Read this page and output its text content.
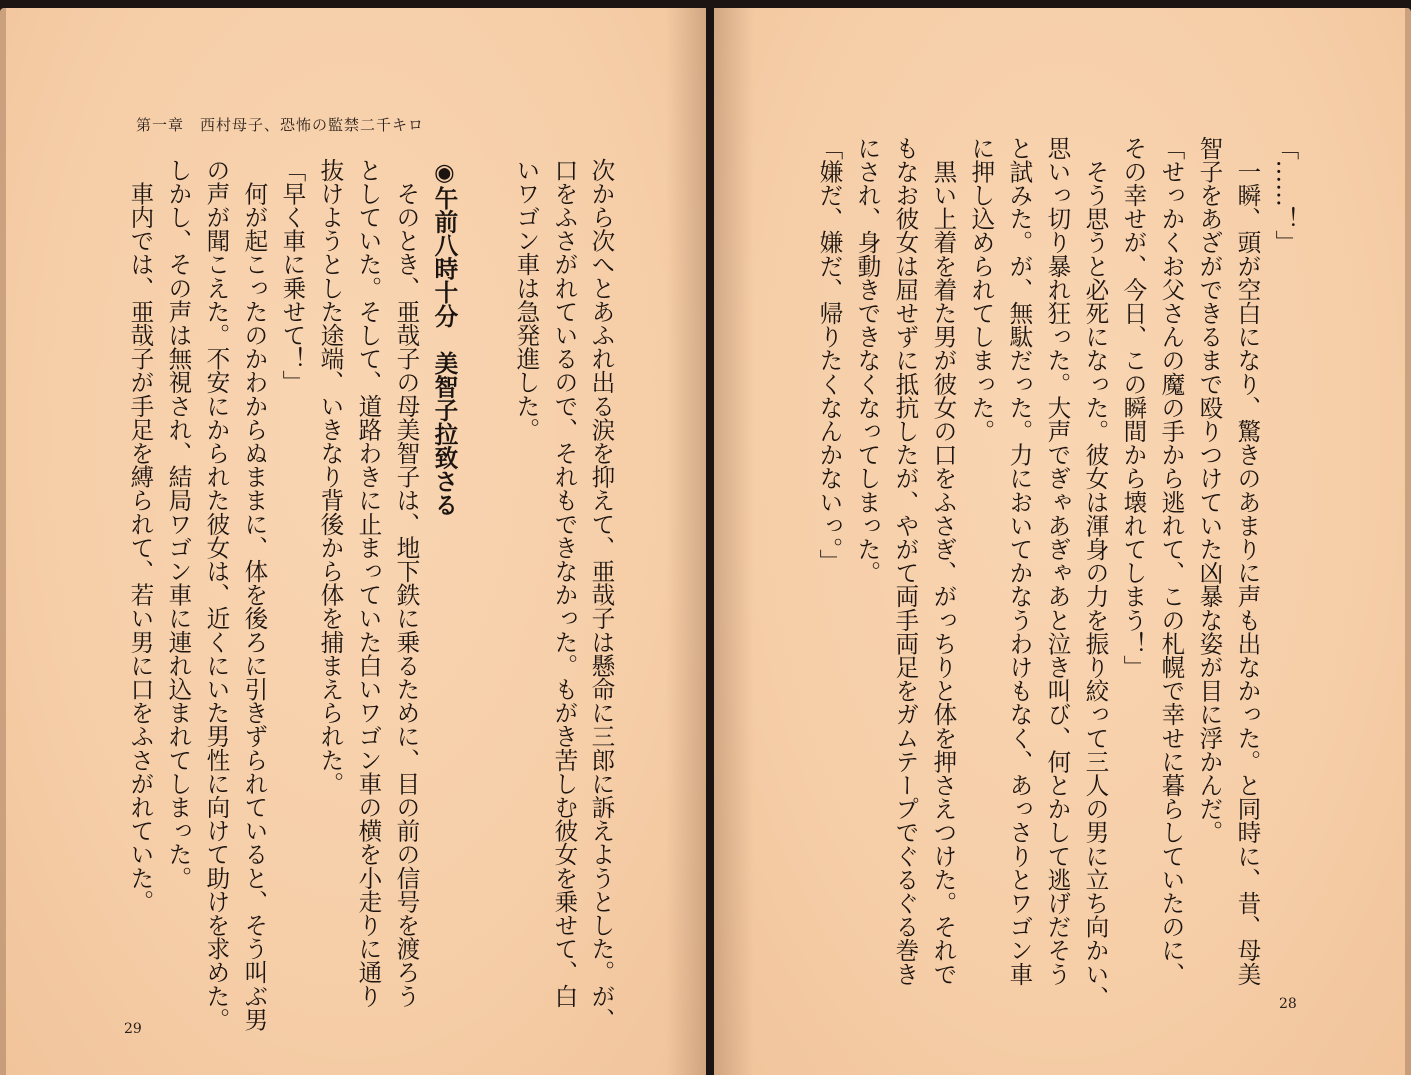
第一章　西村母子、恐怖の監禁二千キロ
次から次へとあふれ出る涙を抑えて、亜哉子は懸命に三郎に訴えようとした。が、
口をふさがれているので、それもできなかった。もがき苦しむ彼女を乗せて、白
いワゴン車は急発進した。
◉午前八時十分　美智子拉致さる
　そのとき、亜哉子の母美智子は、地下鉄に乗るために、目の前の信号を渡ろう
としていた。そして、道路わきに止まっていた白いワゴン車の横を小走りに通り
抜けようとした途端、いきなり背後から体を捕まえられた。
「早く車に乗せて！」
　何が起こったのかわからぬままに、体を後ろに引きずられていると、そう叫ぶ男
の声が聞こえた。不安にかられた彼女は、近くにいた男性に向けて助けを求めた。
しかし、その声は無視され、結局ワゴン車に連れ込まれてしまった。
　車内では、亜哉子が手足を縛られて、若い男に口をふさがれていた。
29
「……！」
　一瞬、頭が空白になり、驚きのあまりに声も出なかった。と同時に、昔、母美
智子をあざができるまで殴りつけていた凶暴な姿が目に浮かんだ。
「せっかくお父さんの魔の手から逃れて、この札幌で幸せに暮らしていたのに、
その幸せが、今日、この瞬間から壊れてしまう！」
　そう思うと必死になった。彼女は渾身の力を振り絞って三人の男に立ち向かい、
思いっ切り暴れ狂った。大声でぎゃあぎゃあと泣き叫び、何とかして逃げだそう
と試みた。が、無駄だった。力においてかなうわけもなく、あっさりとワゴン車
に押し込められてしまった。
　黒い上着を着た男が彼女の口をふさぎ、がっちりと体を押さえつけた。それで
もなお彼女は屈せずに抵抗したが、やがて両手両足をガムテープでぐるぐる巻き
にされ、身動きできなくなってしまった。
「嫌だ、嫌だ、帰りたくなんかないっ。」
28
